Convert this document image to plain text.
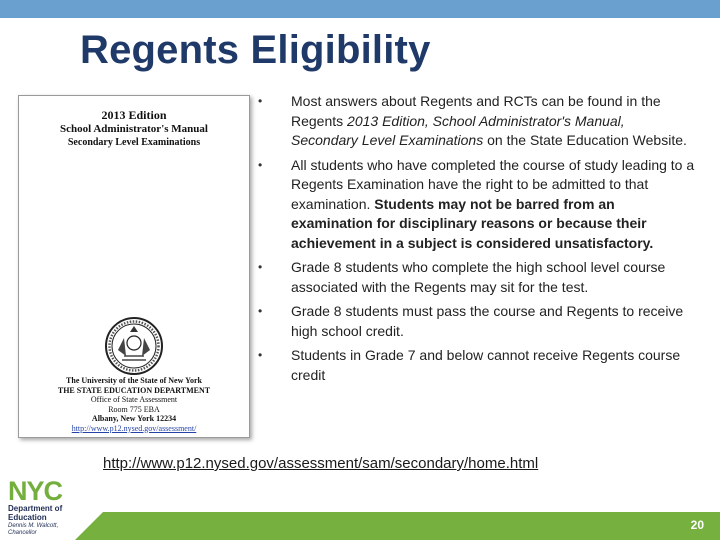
Regents Eligibility
2013 Edition
School Administrator's Manual
Secondary Level Examinations
The University of the State of New York
THE STATE EDUCATION DEPARTMENT
Office of State Assessment
Room 775 EBA
Albany, New York 12234
http://www.p12.nysed.gov/assessment/
• Most answers about Regents and RCTs can be found in the Regents 2013 Edition, School Administrator's Manual, Secondary Level Examinations on the State Education Website.
• All students who have completed the course of study leading to a Regents Examination have the right to be admitted to that examination. Students may not be barred from an examination for disciplinary reasons or because their achievement in a subject is considered unsatisfactory.
• Grade 8 students who complete the high school level course associated with the Regents may sit for the test.
• Grade 8 students must pass the course and Regents to receive high school credit.
• Students in Grade 7 and below cannot receive Regents course credit
http://www.p12.nysed.gov/assessment/sam/secondary/home.html
NYC
Department of
Education
Dennis M. Walcott, Chancellor
20
